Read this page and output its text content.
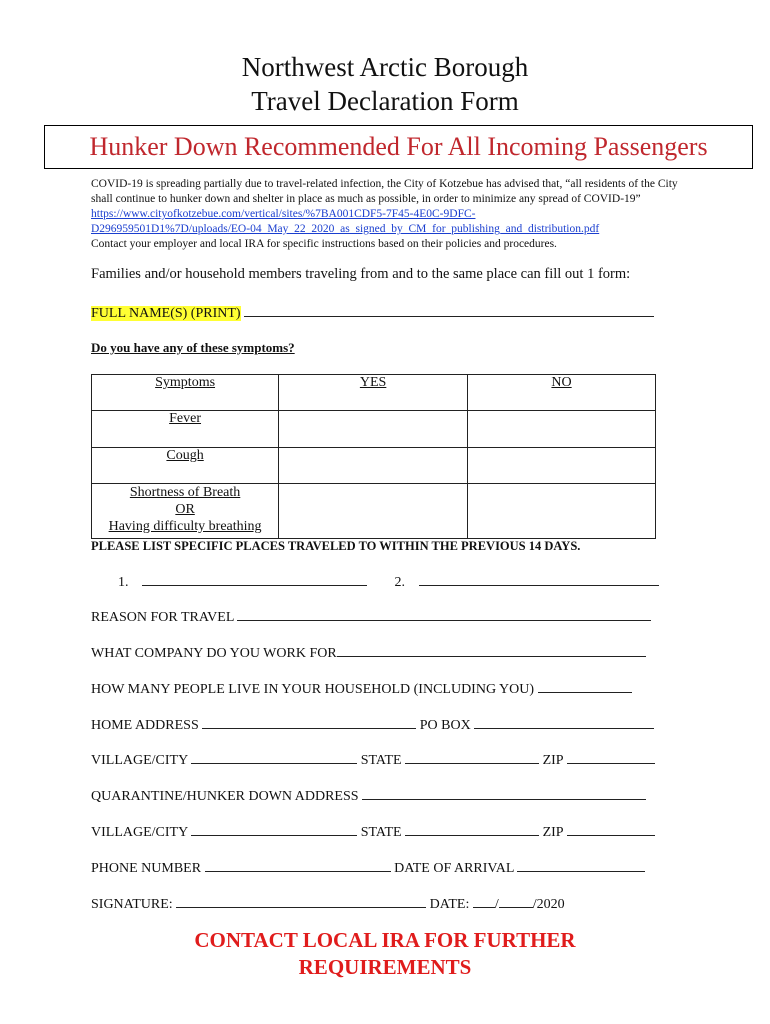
Northwest Arctic Borough
Travel Declaration Form
Hunker Down Recommended For All Incoming Passengers
COVID-19 is spreading partially due to travel-related infection, the City of Kotzebue has advised that, “all residents of the City shall continue to hunker down and shelter in place as much as possible, in order to minimize any spread of COVID-19” https://www.cityofkotzebue.com/vertical/sites/%7BA001CDF5-7F45-4E0C-9DFC-
D296959501D1%7D/uploads/EO-04_May_22_2020_as_signed_by_CM_for_publishing_and_distribution.pdf
Contact your employer and local IRA for specific instructions based on their policies and procedures.
Families and/or household members traveling from and to the same place can fill out 1 form:
FULL NAME(S) (PRINT)
Do you have any of these symptoms?
Symptoms	YES	NO
Fever		
Cough		

Shortness of Breath
OR
Having difficulty breathing		

PLEASE LIST SPECIFIC PLACES TRAVELED TO WITHIN THE PREVIOUS 14 DAYS.
1.	2.
REASON FOR TRAVEL
WHAT COMPANY DO YOU WORK FOR
HOW MANY PEOPLE LIVE IN YOUR HOUSEHOLD (INCLUDING YOU)
HOME ADDRESS	PO BOX
VILLAGE/CITY	STATE	ZIP
QUARANTINE/HUNKER DOWN ADDRESS
VILLAGE/CITY	STATE	ZIP
PHONE NUMBER	DATE OF ARRIVAL
SIGNATURE:	DATE: / /2020
CONTACT LOCAL IRA FOR FURTHER
REQUIREMENTS
